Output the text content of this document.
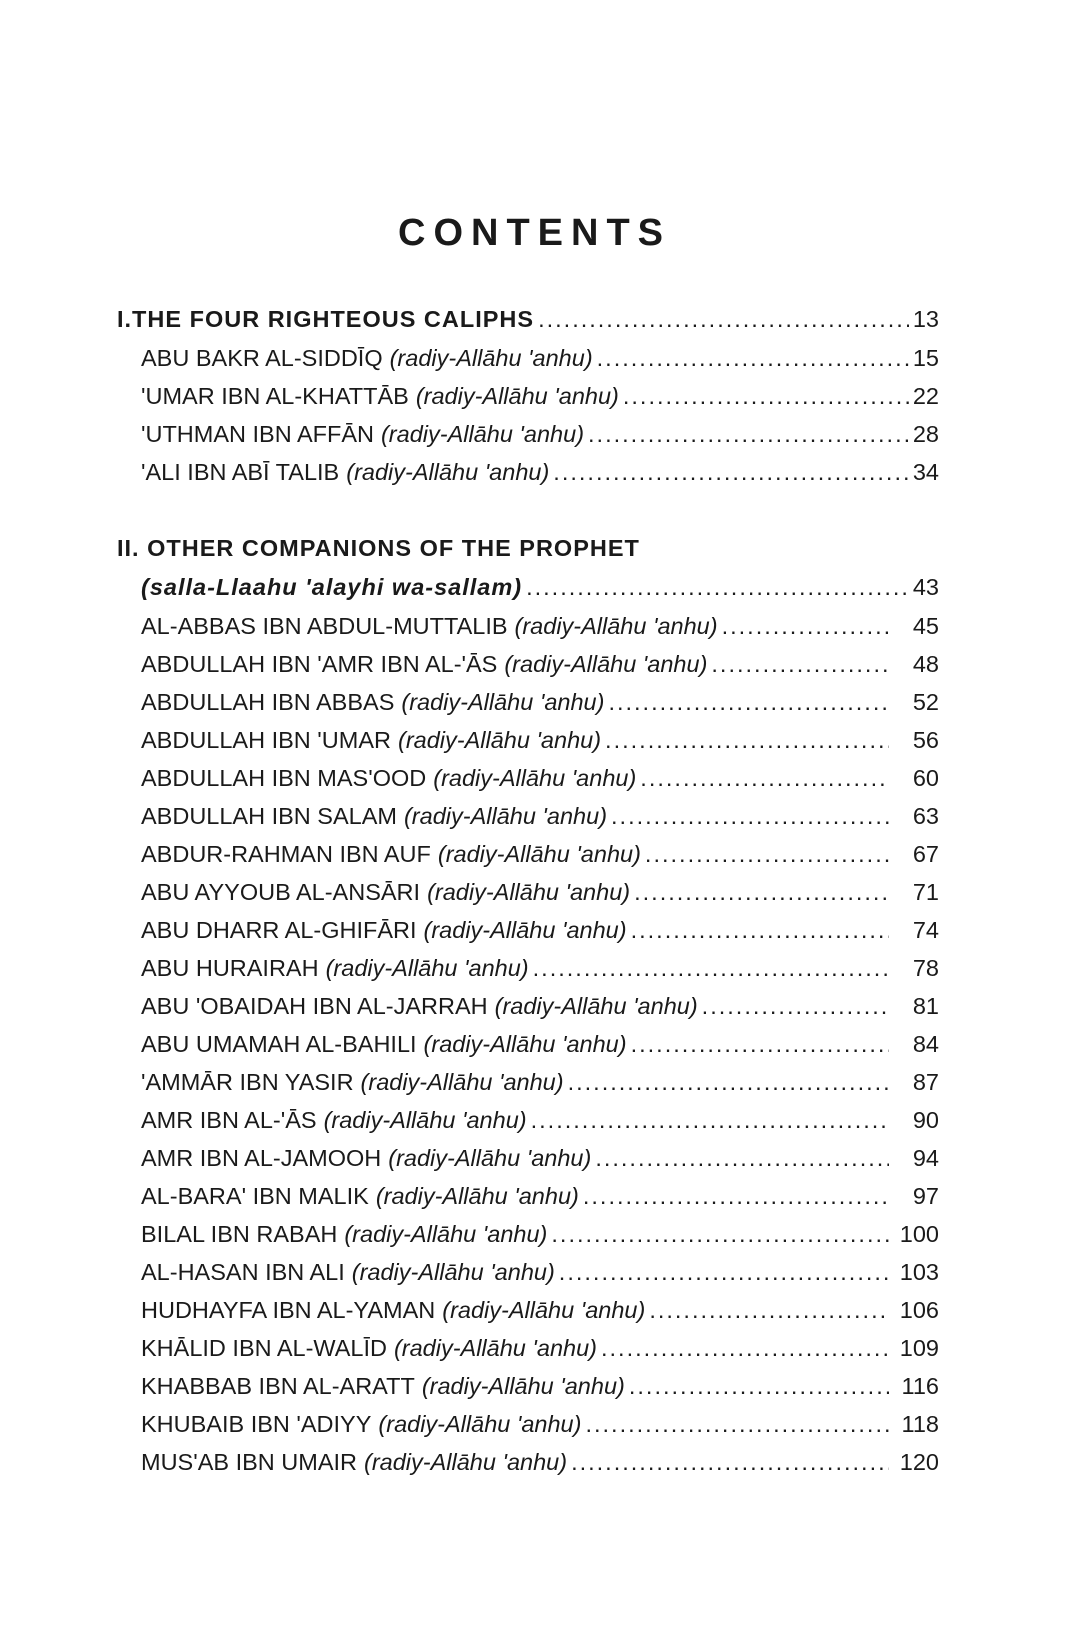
CONTENTS
I.THE FOUR RIGHTEOUS CALIPHS .....	13
ABU BAKR AL-SIDDĪQ (radiy-Allāhu 'anhu) .....	15
'UMAR IBN AL-KHATTĀB (radiy-Allāhu 'anhu) .....	22
'UTHMAN IBN AFFĀN (radiy-Allāhu 'anhu) .....	28
'ALI IBN ABĪ TALIB (radiy-Allāhu 'anhu) .....	34
II. OTHER COMPANIONS OF THE PROPHET
(salla-Llaahu 'alayhi wa-sallam) .....	43
AL-ABBAS IBN ABDUL-MUTTALIB (radiy-Allāhu 'anhu) .....	45
ABDULLAH IBN 'AMR IBN AL-'ĀS (radiy-Allāhu 'anhu) .....	48
ABDULLAH IBN ABBAS (radiy-Allāhu 'anhu) .....	52
ABDULLAH IBN 'UMAR (radiy-Allāhu 'anhu) .....	56
ABDULLAH IBN MAS'OOD (radiy-Allāhu 'anhu) .....	60
ABDULLAH IBN SALAM (radiy-Allāhu 'anhu) .....	63
ABDUR-RAHMAN IBN AUF (radiy-Allāhu 'anhu) .....	67
ABU AYYOUB AL-ANSĀRI (radiy-Allāhu 'anhu) .....	71
ABU DHARR AL-GHIFĀRI (radiy-Allāhu 'anhu) .....	74
ABU HURAIRAH (radiy-Allāhu 'anhu) .....	78
ABU 'OBAIDAH IBN AL-JARRAH (radiy-Allāhu 'anhu) .....	81
ABU UMAMAH AL-BAHILI (radiy-Allāhu 'anhu) .....	84
'AMMĀR IBN YASIR (radiy-Allāhu 'anhu) .....	87
AMR IBN AL-'ĀS (radiy-Allāhu 'anhu) .....	90
AMR IBN AL-JAMOOH (radiy-Allāhu 'anhu) .....	94
AL-BARA' IBN MALIK (radiy-Allāhu 'anhu) .....	97
BILAL IBN RABAH (radiy-Allāhu 'anhu) .....	100
AL-HASAN IBN ALI (radiy-Allāhu 'anhu) .....	103
HUDHAYFA IBN AL-YAMAN (radiy-Allāhu 'anhu) .....	106
KHĀLID IBN AL-WALĪD (radiy-Allāhu 'anhu) .....	109
KHABBAB IBN AL-ARATT (radiy-Allāhu 'anhu) .....	116
KHUBAIB IBN 'ADIYY (radiy-Allāhu 'anhu) .....	118
MUS'AB IBN UMAIR (radiy-Allāhu 'anhu) .....	120
